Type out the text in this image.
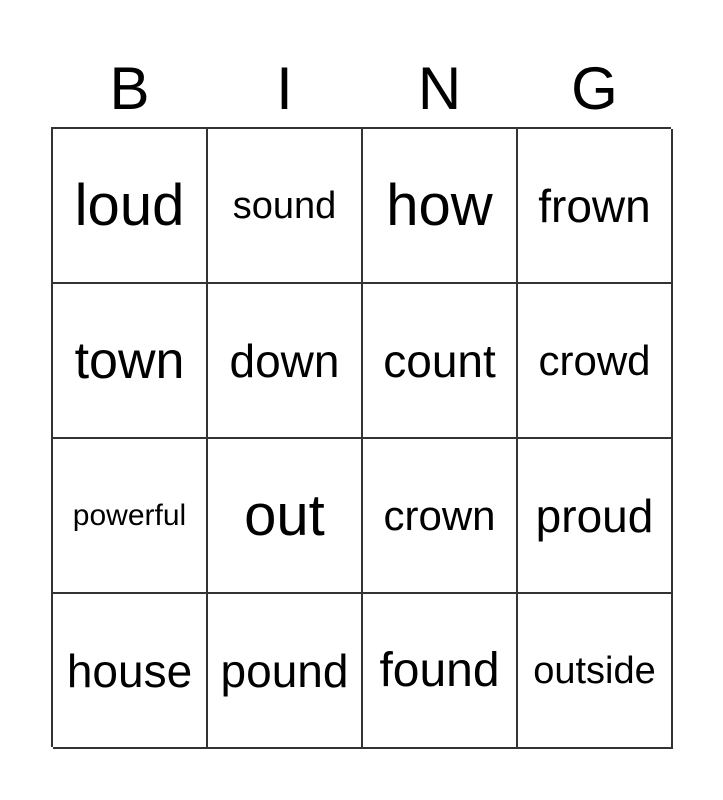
B	I	N	G
loud	sound how frown
town down count	crowd
powerful out	crown proud
house pound found outside
